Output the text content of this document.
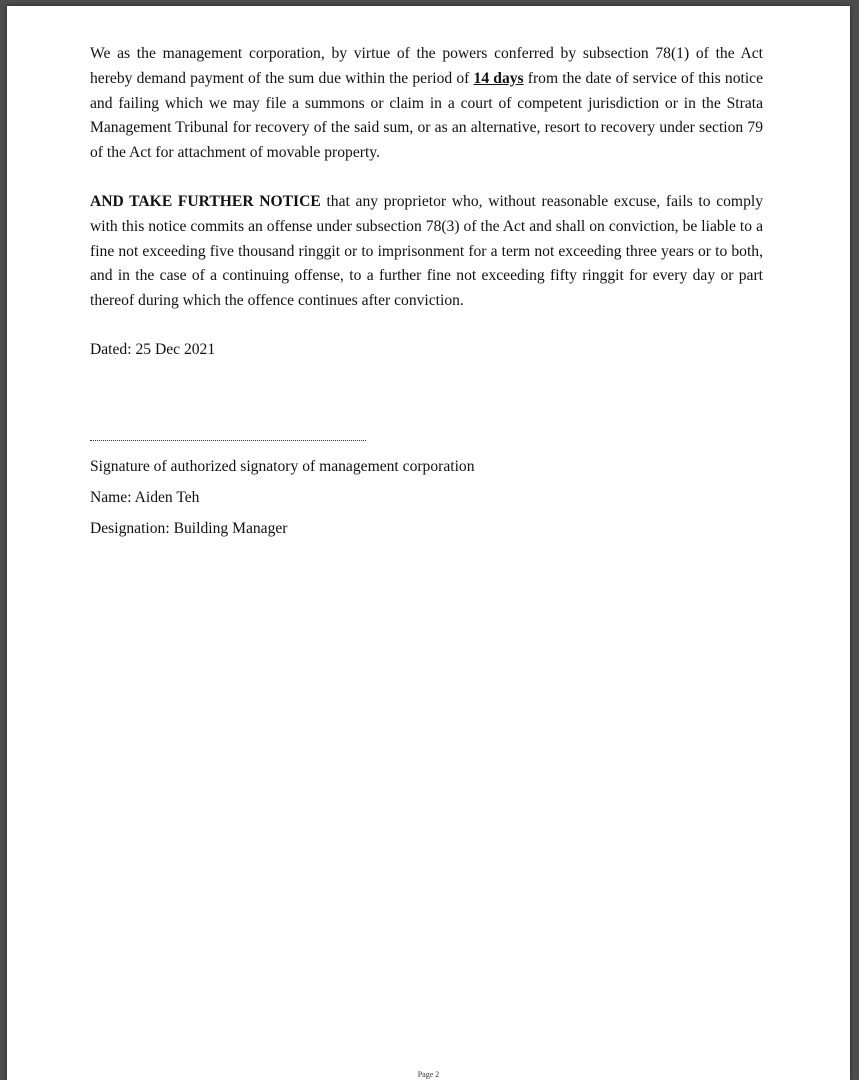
We as the management corporation, by virtue of the powers conferred by subsection 78(1) of the Act hereby demand payment of the sum due within the period of 14 days from the date of service of this notice and failing which we may file a summons or claim in a court of competent jurisdiction or in the Strata Management Tribunal for recovery of the said sum, or as an alternative, resort to recovery under section 79 of the Act for attachment of movable property.

AND TAKE FURTHER NOTICE that any proprietor who, without reasonable excuse, fails to comply with this notice commits an offense under subsection 78(3) of the Act and shall on conviction, be liable to a fine not exceeding five thousand ringgit or to imprisonment for a term not exceeding three years or to both, and in the case of a continuing offense, to a further fine not exceeding fifty ringgit for every day or part thereof during which the offence continues after conviction.

Dated: 25 Dec 2021

Signature of authorized signatory of management corporation

Name: Aiden Teh

Designation: Building Manager

Page 2
